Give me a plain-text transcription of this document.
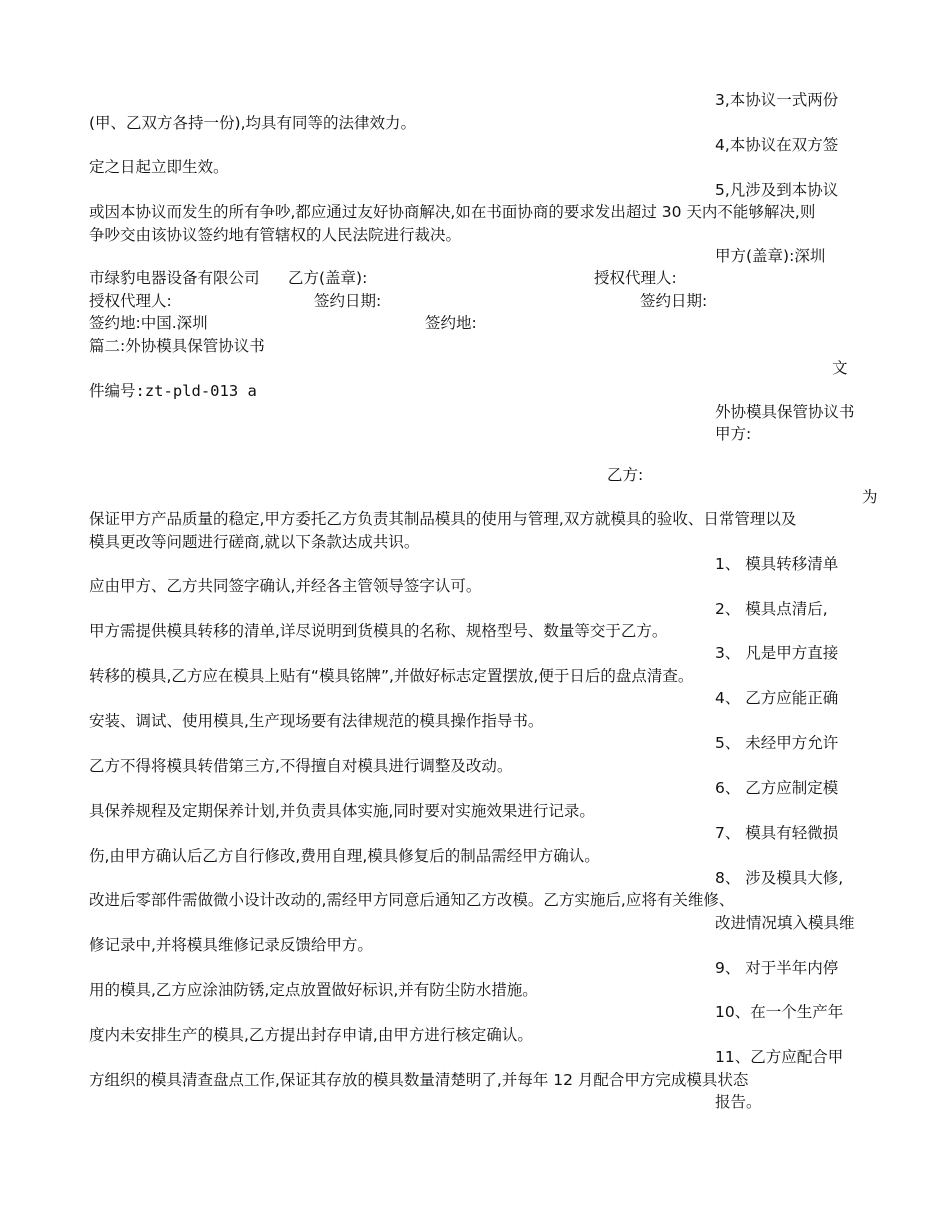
3,本协议一式两份
(甲、乙双方各持一份),均具有同等的法律效力。
4,本协议在双方签
定之日起立即生效。
5,凡涉及到本协议
或因本协议而发生的所有争吵,都应通过友好协商解决,如在书面协商的要求发出超过 30 天内不能够解决,则
争吵交由该协议签约地有管辖权的人民法院进行裁决。
甲方(盖章):深圳
市绿豹电器设备有限公司 乙方(盖章):	授权代理人:
授权代理人:	签约日期:	签约日期:
签约地:中国.深圳	签约地:
篇二:外协模具保管协议书
文
件编号:zt-pld-013 a
外协模具保管协议书
甲方:
乙方:
为
保证甲方产品质量的稳定,甲方委托乙方负责其制品模具的使用与管理,双方就模具的验收、日常管理以及
模具更改等问题进行磋商,就以下条款达成共识。
1、 模具转移清单
应由甲方、乙方共同签字确认,并经各主管领导签字认可。
2、 模具点清后,
甲方需提供模具转移的清单,详尽说明到货模具的名称、规格型号、数量等交于乙方。
3、 凡是甲方直接
转移的模具,乙方应在模具上贴有“模具铭牌”,并做好标志定置摆放,便于日后的盘点清查。
4、 乙方应能正确
安装、调试、使用模具,生产现场要有法律规范的模具操作指导书。
5、 未经甲方允许
乙方不得将模具转借第三方,不得擅自对模具进行调整及改动。
6、 乙方应制定模
具保养规程及定期保养计划,并负责具体实施,同时要对实施效果进行记录。
7、 模具有轻微损
伤,由甲方确认后乙方自行修改,费用自理,模具修复后的制品需经甲方确认。
8、 涉及模具大修,
改进后零部件需做微小设计改动的,需经甲方同意后通知乙方改模。乙方实施后,应将有关维修、
改进情况填入模具维
修记录中,并将模具维修记录反馈给甲方。
9、 对于半年内停
用的模具,乙方应涂油防锈,定点放置做好标识,并有防尘防水措施。
10、在一个生产年
度内未安排生产的模具,乙方提出封存申请,由甲方进行核定确认。
11、乙方应配合甲
方组织的模具清查盘点工作,保证其存放的模具数量清楚明了,并每年 12 月配合甲方完成模具状态
报告。
